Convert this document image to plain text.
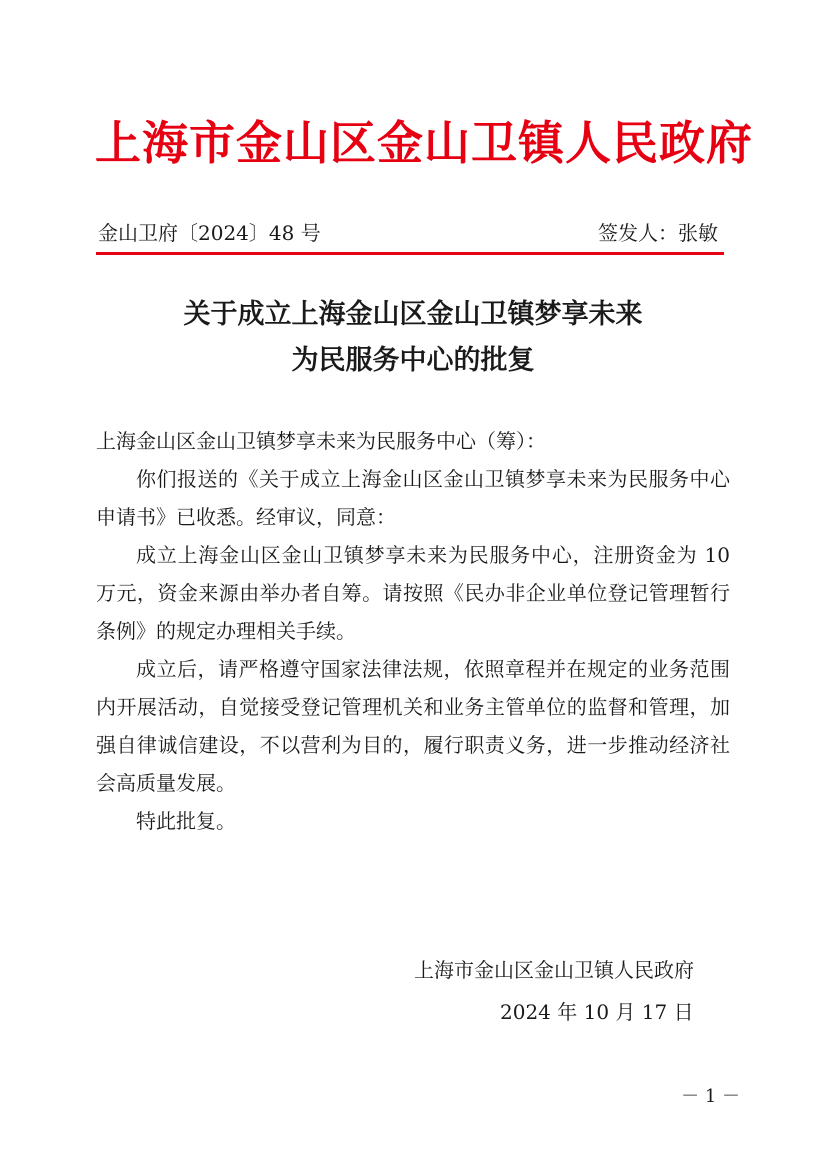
上海市金山区金山卫镇人民政府
金山卫府〔2024〕48 号	签发人：张敏
关于成立上海金山区金山卫镇梦享未来
为民服务中心的批复

上海金山区金山卫镇梦享未来为民服务中心（筹）：

你们报送的《关于成立上海金山区金山卫镇梦享未来为民服务中心申请书》已收悉。经审议，同意：

成立上海金山区金山卫镇梦享未来为民服务中心，注册资金为 10 万元，资金来源由举办者自筹。请按照《民办非企业单位登记管理暂行条例》的规定办理相关手续。

成立后，请严格遵守国家法律法规，依照章程并在规定的业务范围内开展活动，自觉接受登记管理机关和业务主管单位的监督和管理，加强自律诚信建设，不以营利为目的，履行职责义务，进一步推动经济社会高质量发展。

特此批复。

上海市金山区金山卫镇人民政府
2024 年 10 月 17 日
－ 1 －
